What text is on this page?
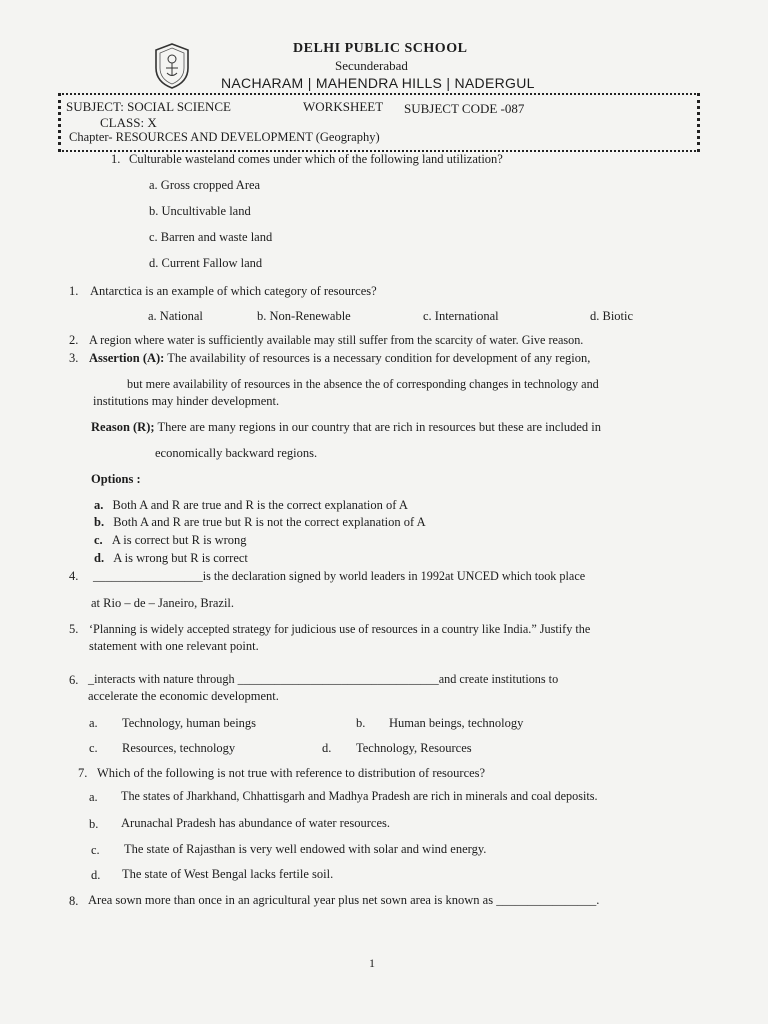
DELHI PUBLIC SCHOOL
Secunderabad
NACHARAM | MAHENDRA HILLS | NADERGUL
SUBJECT: SOCIAL SCIENCE	WORKSHEET SUBJECT CODE -087
CLASS: X
Chapter- RESOURCES AND DEVELOPMENT (Geography)
1. Culturable wasteland comes under which of the following land utilization?
a. Gross cropped Area
b. Uncultivable land
c. Barren and waste land
d. Current Fallow land
1. Antarctica is an example of which category of resources?
a. National	b. Non-Renewable	c. International	d. Biotic
2. A region where water is sufficiently available may still suffer from the scarcity of water. Give reason.
3. Assertion (A): The availability of resources is a necessary condition for development of any region,
but mere availability of resources in the absence the of corresponding changes in technology and
institutions may hinder development.
Reason (R); There are many regions in our country that are rich in resources but these are included in
economically backward regions.
Options :
a. Both A and R are true and R is the correct explanation of A
b. Both A and R are true but R is not the correct explanation of A
c. A is correct but R is wrong
d. A is wrong but R is correct
4. __________________is the declaration signed by world leaders in 1992at UNCED which took place
at Rio – de – Janeiro, Brazil.
5. ‘Planning is widely accepted strategy for judicious use of resources in a country like India.” Justify the
statement with one relevant point.
6. _interacts with nature through _________________________________and create institutions to
accelerate the economic development.
a. Technology, human beings	b. Human beings, technology
c. Resources, technology	d. Technology, Resources
7. Which of the following is not true with reference to distribution of resources?
a. The states of Jharkhand, Chhattisgarh and Madhya Pradesh are rich in minerals and coal deposits.
b. Arunachal Pradesh has abundance of water resources.
c. The state of Rajasthan is very well endowed with solar and wind energy.
d. The state of West Bengal lacks fertile soil.
8. Area sown more than once in an agricultural year plus net sown area is known as ________________.
1
